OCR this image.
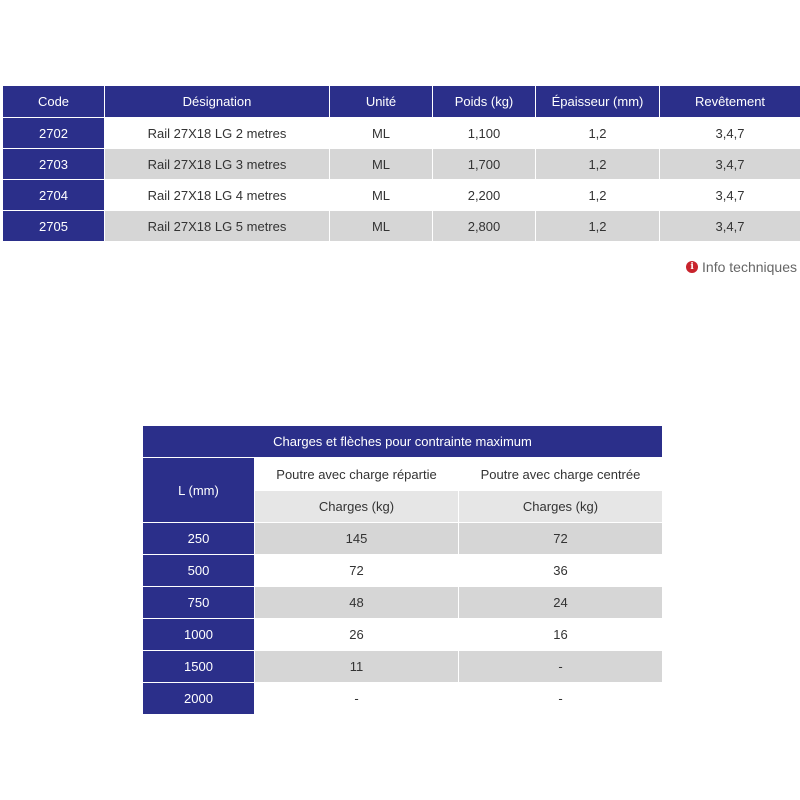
Code	Désignation	Unité	Poids (kg)	Épaisseur (mm)	Revêtement
2702	Rail 27X18 LG 2 metres	ML	1,100	1,2	3,4,7
2703	Rail 27X18 LG 3 metres	ML	1,700	1,2	3,4,7
2704	Rail 27X18 LG 4 metres	ML	2,200	1,2	3,4,7
2705	Rail 27X18 LG 5 metres	ML	2,800	1,2	3,4,7
i Info techniques
Charges et flèches pour contrainte maximum		
L (mm)	Poutre avec charge répartie	Poutre avec charge centrée
	Charges (kg)	Charges (kg)
250	145	72
500	72	36
750	48	24
1000	26	16
1500	11	-
2000	-	-
